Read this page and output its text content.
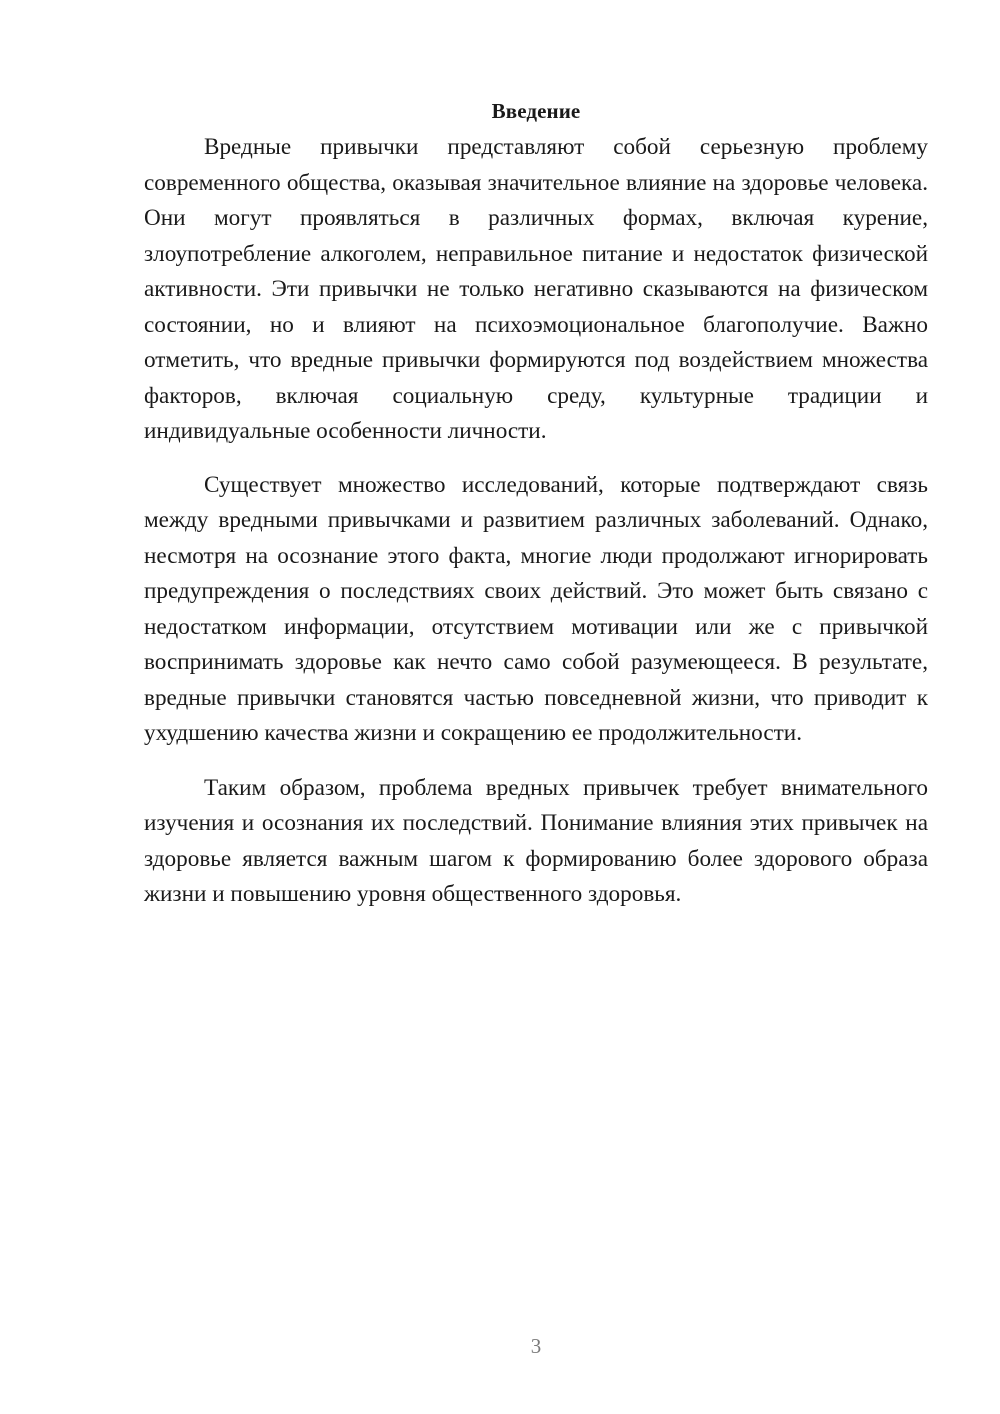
Введение

Вредные привычки представляют собой серьезную проблему современного общества, оказывая значительное влияние на здоровье человека. Они могут проявляться в различных формах, включая курение, злоупотребление алкоголем, неправильное питание и недостаток физической активности. Эти привычки не только негативно сказываются на физическом состоянии, но и влияют на психоэмоциональное благополучие. Важно отметить, что вредные привычки формируются под воздействием множества факторов, включая социальную среду, культурные традиции и индивидуальные особенности личности.

Существует множество исследований, которые подтверждают связь между вредными привычками и развитием различных заболеваний. Однако, несмотря на осознание этого факта, многие люди продолжают игнорировать предупреждения о последствиях своих действий. Это может быть связано с недостатком информации, отсутствием мотивации или же с привычкой воспринимать здоровье как нечто само собой разумеющееся. В результате, вредные привычки становятся частью повседневной жизни, что приводит к ухудшению качества жизни и сокращению ее продолжительности.

Таким образом, проблема вредных привычек требует внимательного изучения и осознания их последствий. Понимание влияния этих привычек на здоровье является важным шагом к формированию более здорового образа жизни и повышению уровня общественного здоровья.

3
